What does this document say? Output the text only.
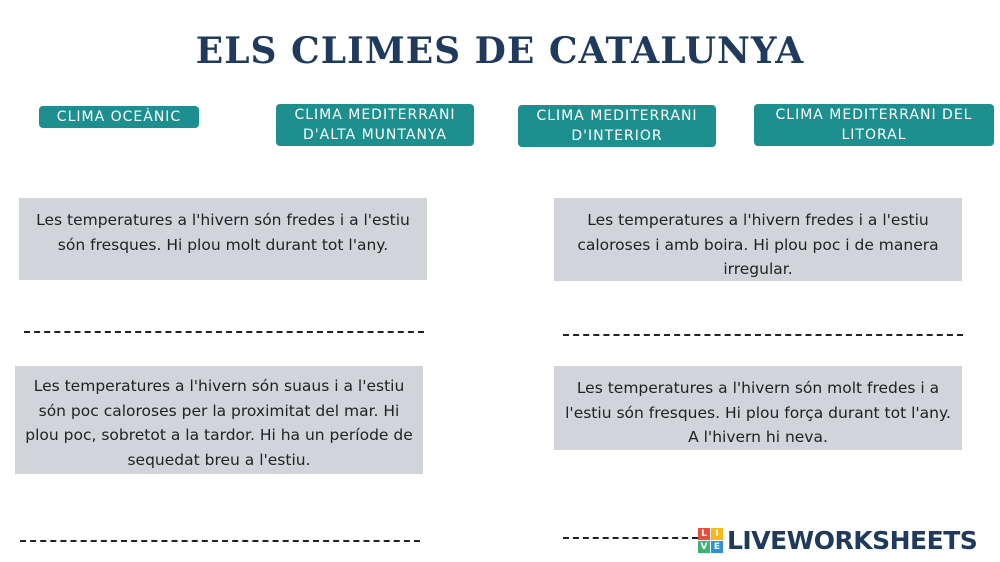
ELS CLIMES DE CATALUNYA
CLIMA OCEÀNIC	CLIMA MEDITERRANI
D'ALTA MUNTANYA
CLIMA MEDITERRANI
D'INTERIOR
CLIMA MEDITERRANI DEL
LITORAL
Les temperatures a l'hivern són fredes i a l'estiu són fresques. Hi plou molt durant tot l'any.
Les temperatures a l'hivern fredes i a l'estiu caloroses i amb boira. Hi plou poc i de manera irregular.
Les temperatures a l'hivern són suaus i a l'estiu són poc caloroses per la proximitat del mar. Hi plou poc, sobretot a la tardor. Hi ha un període de sequedat breu a l'estiu.
Les temperatures a l'hivern són molt fredes i a l'estiu són fresques. Hi plou força durant tot l'any. A l'hivern hi neva.
L I
V E LIVEWORKSHEETS
